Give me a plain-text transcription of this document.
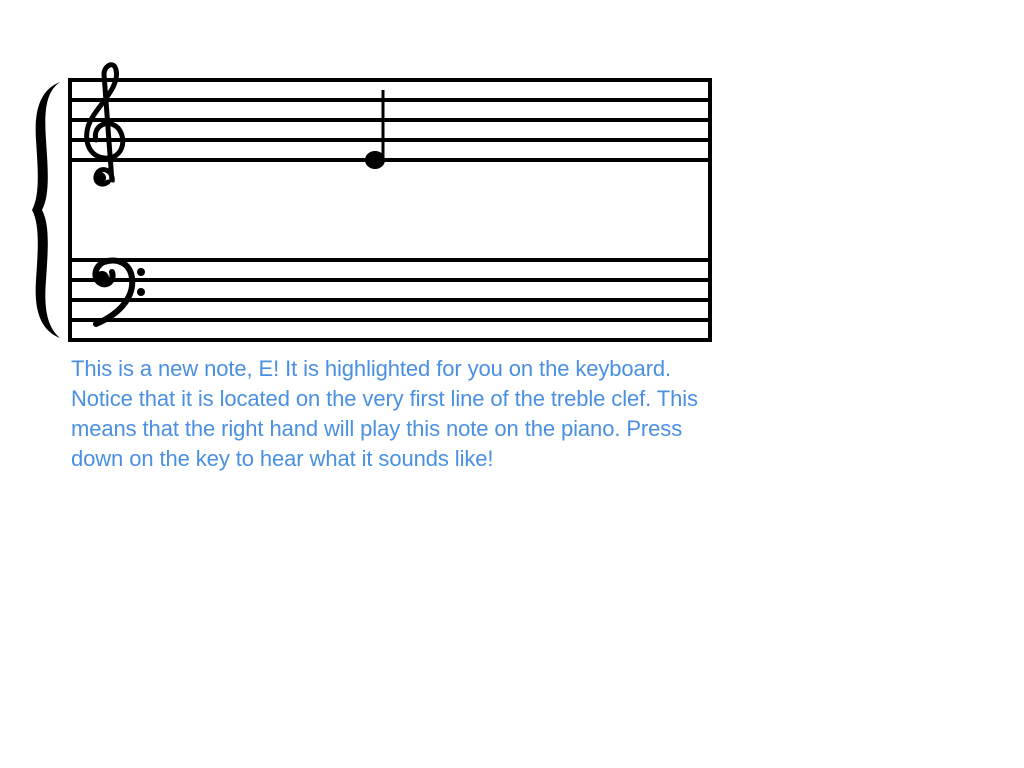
This is a new note, E! It is highlighted for you on the keyboard. Notice that it is located on the very first line of the treble clef. This means that the right hand will play this note on the piano. Press down on the key to hear what it sounds like!
